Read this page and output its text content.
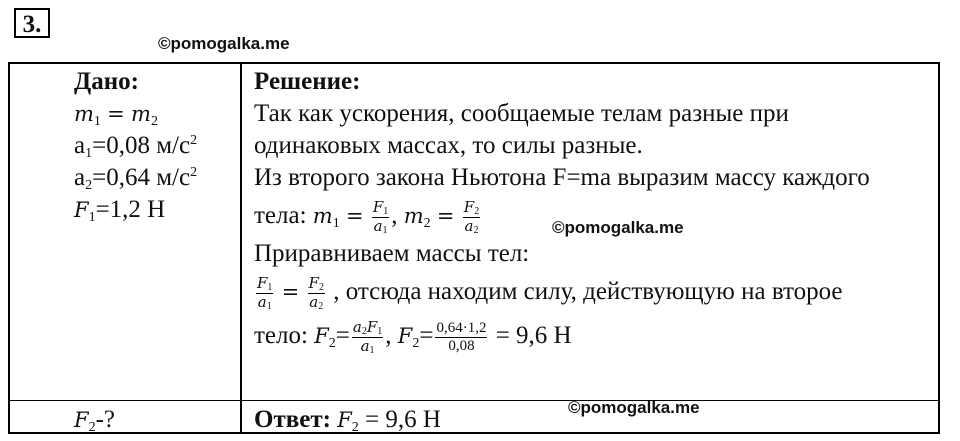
3.
©pomogalka.me
Дано:
$m_1 = m_2$
$a_1=0,08$ $м/с^2$
$a_2=0,64$ $м/с^2$
$F_1=1,2$ Н
Решение:
Так как ускорения, сообщаемые телам разные при
одинаковых массах, то силы разные.
Из второго закона Ньютона F=ma выразим массу каждого
тела: $m_1 = \frac{F_1}{a_1}$ , $m_2 = \frac{F_2}{a_2}$
Приравниваем массы тел:
$\frac{F_1}{a_1} = \frac{F_2}{a_2}$ , отсюда находим силу, действующую на второе
тело: $F_2= \frac{a_2F_1}{a_1}$ , $F_2= \frac{0,64\cdot 1,2}{0,08} = 9,6$ Н
$F_2-$?	Ответ: $F_2 = 9,6$ Н
©pomogalka.me
©pomogalka.me
